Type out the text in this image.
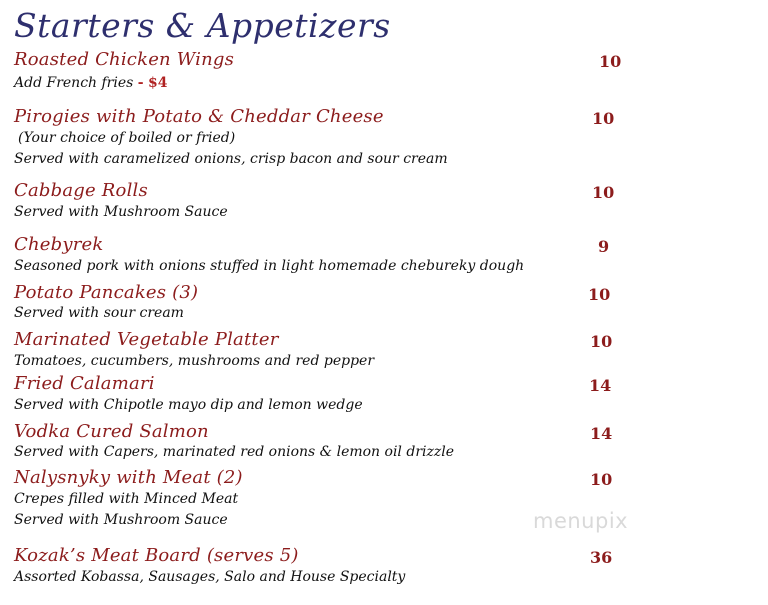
Starters & Appetizers
Roasted Chicken Wings	10
Add French fries - $4
Pirogies with Potato & Cheddar Cheese	10
(Your choice of boiled or fried)
Served with caramelized onions, crisp bacon and sour cream
Cabbage Rolls	10
Served with Mushroom Sauce
Chebyrek	9
Seasoned pork with onions stuffed in light homemade chebureky dough
Potato Pancakes (3)	10
Served with sour cream
Marinated Vegetable Platter	10
Tomatoes, cucumbers, mushrooms and red pepper
Fried Calamari	14
Served with Chipotle mayo dip and lemon wedge
Vodka Cured Salmon	14
Served with Capers, marinated red onions & lemon oil drizzle
Nalysnyky with Meat (2)	10
Crepes filled with Minced Meat
Served with Mushroom Sauce
Kozak’s Meat Board (serves 5)	36
Assorted Kobassa, Sausages, Salo and House Specialty
menupix
